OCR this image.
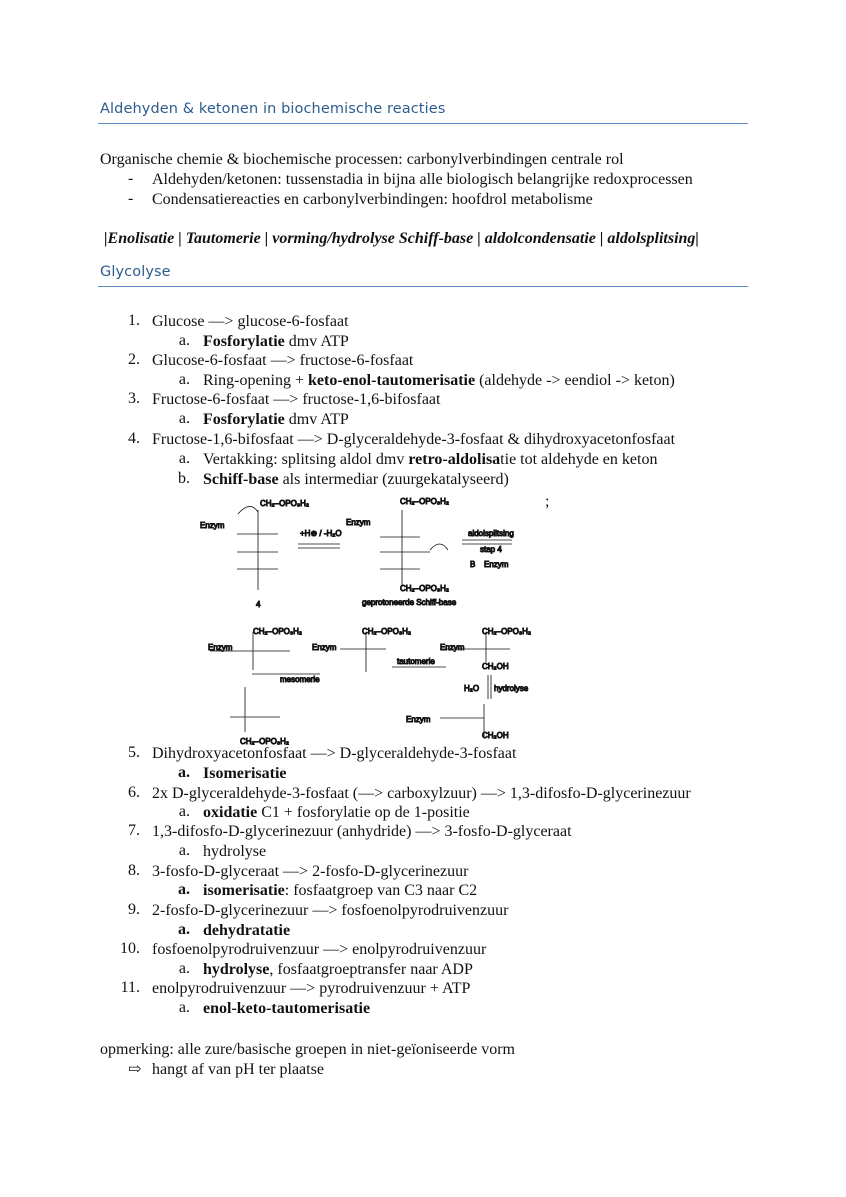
Aldehyden & ketonen in biochemische reacties
Organische chemie & biochemische processen: carbonylverbindingen centrale rol
- Aldehyden/ketonen: tussenstadia in bijna alle biologisch belangrijke redoxprocessen
- Condensatiereacties en carbonylverbindingen: hoofdrol metabolisme
|Enolisatie | Tautomerie | vorming/hydrolyse Schiff-base | aldolcondensatie | aldolsplitsing|
Glycolyse
1. Glucose —> glucose-6-fosfaat
a. Fosforylatie dmv ATP
2. Glucose-6-fosfaat —> fructose-6-fosfaat
a. Ring-opening + keto-enol-tautomerisatie (aldehyde -> eendiol -> keton)
3. Fructose-6-fosfaat —> fructose-1,6-bifosfaat
a. Fosforylatie dmv ATP
4. Fructose-1,6-bifosfaat —> D-glyceraldehyde-3-fosfaat & dihydroxyacetonfosfaat
a. Vertakking: splitsing aldol dmv retro-aldolisatie tot aldehyde en keton
b. Schiff-base als intermediar (zuurgekatalyseerd)
5. Dihydroxyacetonfosfaat —> D-glyceraldehyde-3-fosfaat
a. Isomerisatie
6. 2x D-glyceraldehyde-3-fosfaat (—> carboxylzuur) —> 1,3-difosfo-D-glycerinezuur
a. oxidatie C1 + fosforylatie op de 1-positie
7. 1,3-difosfo-D-glycerinezuur (anhydride) —> 3-fosfo-D-glyceraat
a. hydrolyse
8. 3-fosfo-D-glyceraat —> 2-fosfo-D-glycerinezuur
a. isomerisatie: fosfaatgroep van C3 naar C2
9. 2-fosfo-D-glycerinezuur —> fosfoenolpyrodruivenzuur
a. dehydratatie
10. fosfoenolpyrodruivenzuur —> enolpyrodruivenzuur
a. hydrolyse, fosfaatgroeptransfer naar ADP
11. enolpyrodruivenzuur —> pyrodruivenzuur + ATP
a. enol-keto-tautomerisatie
;
Enzym
CH₂–OPO₃H₂
+H⊕ / -H₂O
4
Enzym
CH₂–OPO₃H₂
CH₂–OPO₃H₂
aldolsplitsing
stap 4
B Enzym
geprotoneerde Schiff-base
Enzym
CH₂–OPO₃H₂
mesomerie
Enzym
CH₂–OPO₃H₂
tautomerie
Enzym
CH₂–OPO₃H₂
CH₂OH
H₂O hydrolyse
Enzym
CH₂OH
CH₂–OPO₃H₂
opmerking: alle zure/basische groepen in niet-geïoniseerde vorm
⇨ hangt af van pH ter plaatse
